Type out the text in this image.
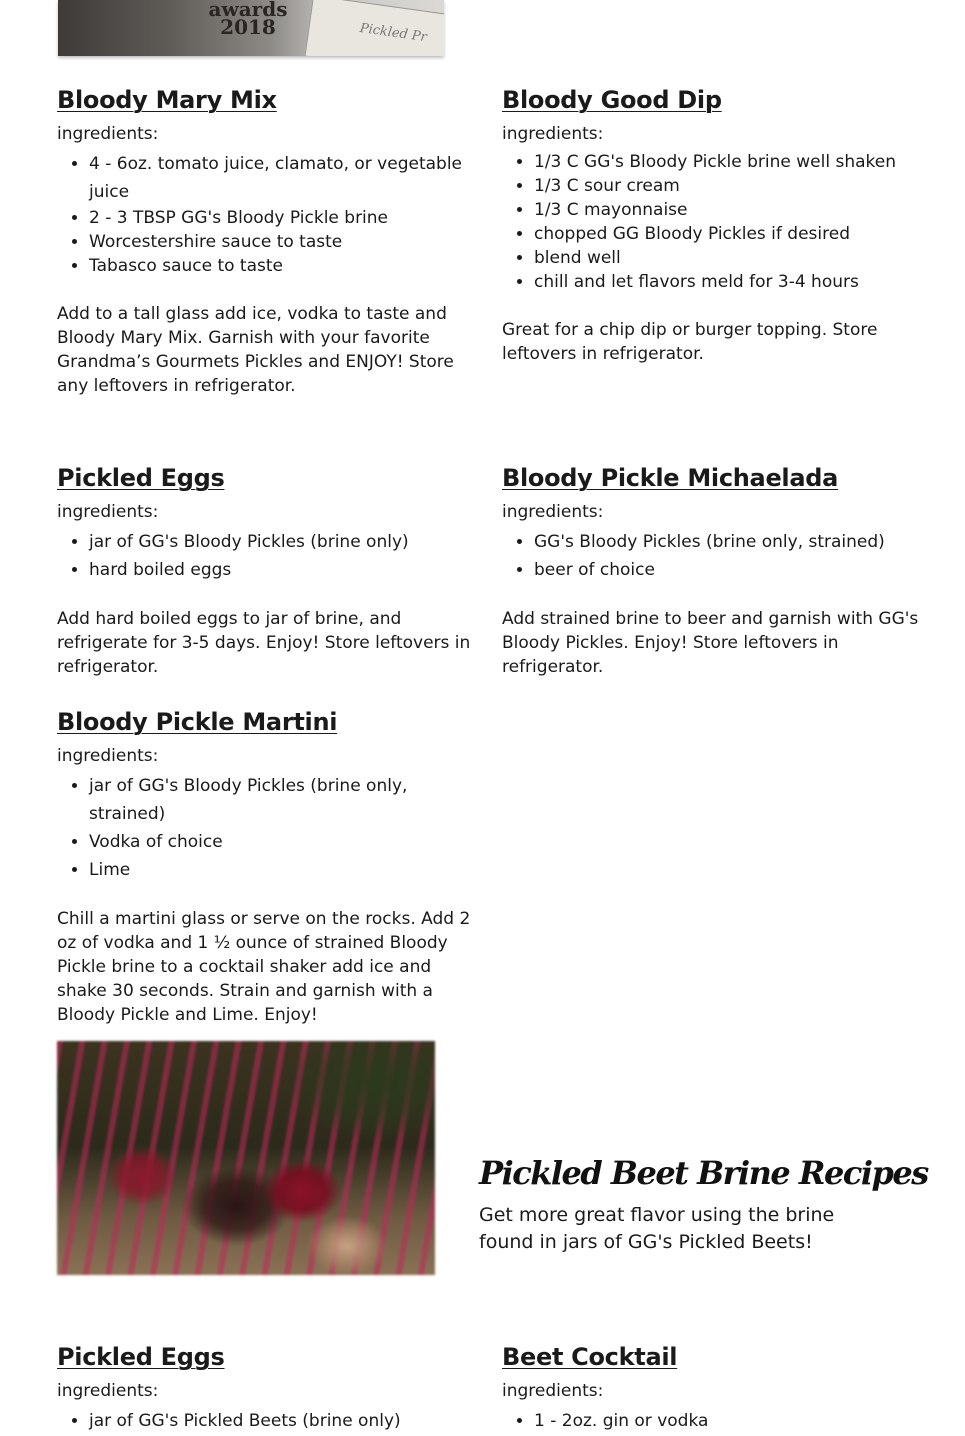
awards
2018	Pickled Pr
Bloody Mary Mix

ingredients:

• 4 - 6oz. tomato juice, clamato, or vegetable juice
• 2 - 3 TBSP GG's Bloody Pickle brine
• Worcestershire sauce to taste
• Tabasco sauce to taste

Add to a tall glass add ice, vodka to taste and Bloody Mary Mix. Garnish with your favorite Grandma’s Gourmets Pickles and ENJOY! Store any leftovers in refrigerator.

Bloody Good Dip

ingredients:

• 1/3 C GG's Bloody Pickle brine well shaken
• 1/3 C sour cream
• 1/3 C mayonnaise
• chopped GG Bloody Pickles if desired
• blend well
• chill and let flavors meld for 3-4 hours

Great for a chip dip or burger topping. Store leftovers in refrigerator.

Pickled Eggs

ingredients:

• jar of GG's Bloody Pickles (brine only)
• hard boiled eggs

Add hard boiled eggs to jar of brine, and refrigerate for 3-5 days. Enjoy! Store leftovers in refrigerator.

Bloody Pickle Michaelada

ingredients:

• GG's Bloody Pickles (brine only, strained)
• beer of choice

Add strained brine to beer and garnish with GG's Bloody Pickles. Enjoy! Store leftovers in refrigerator.

Bloody Pickle Martini

ingredients:

• jar of GG's Bloody Pickles (brine only, strained)
• Vodka of choice
• Lime

Chill a martini glass or serve on the rocks. Add 2 oz of vodka and 1 ½ ounce of strained Bloody Pickle brine to a cocktail shaker add ice and shake 30 seconds. Strain and garnish with a Bloody Pickle and Lime. Enjoy!

Pickled Beet Brine Recipes

Get more great flavor using the brine found in jars of GG's Pickled Beets!

Pickled Eggs

ingredients:

• jar of GG's Pickled Beets (brine only)
Beet Cocktail

ingredients:

• 1 - 2oz. gin or vodka
